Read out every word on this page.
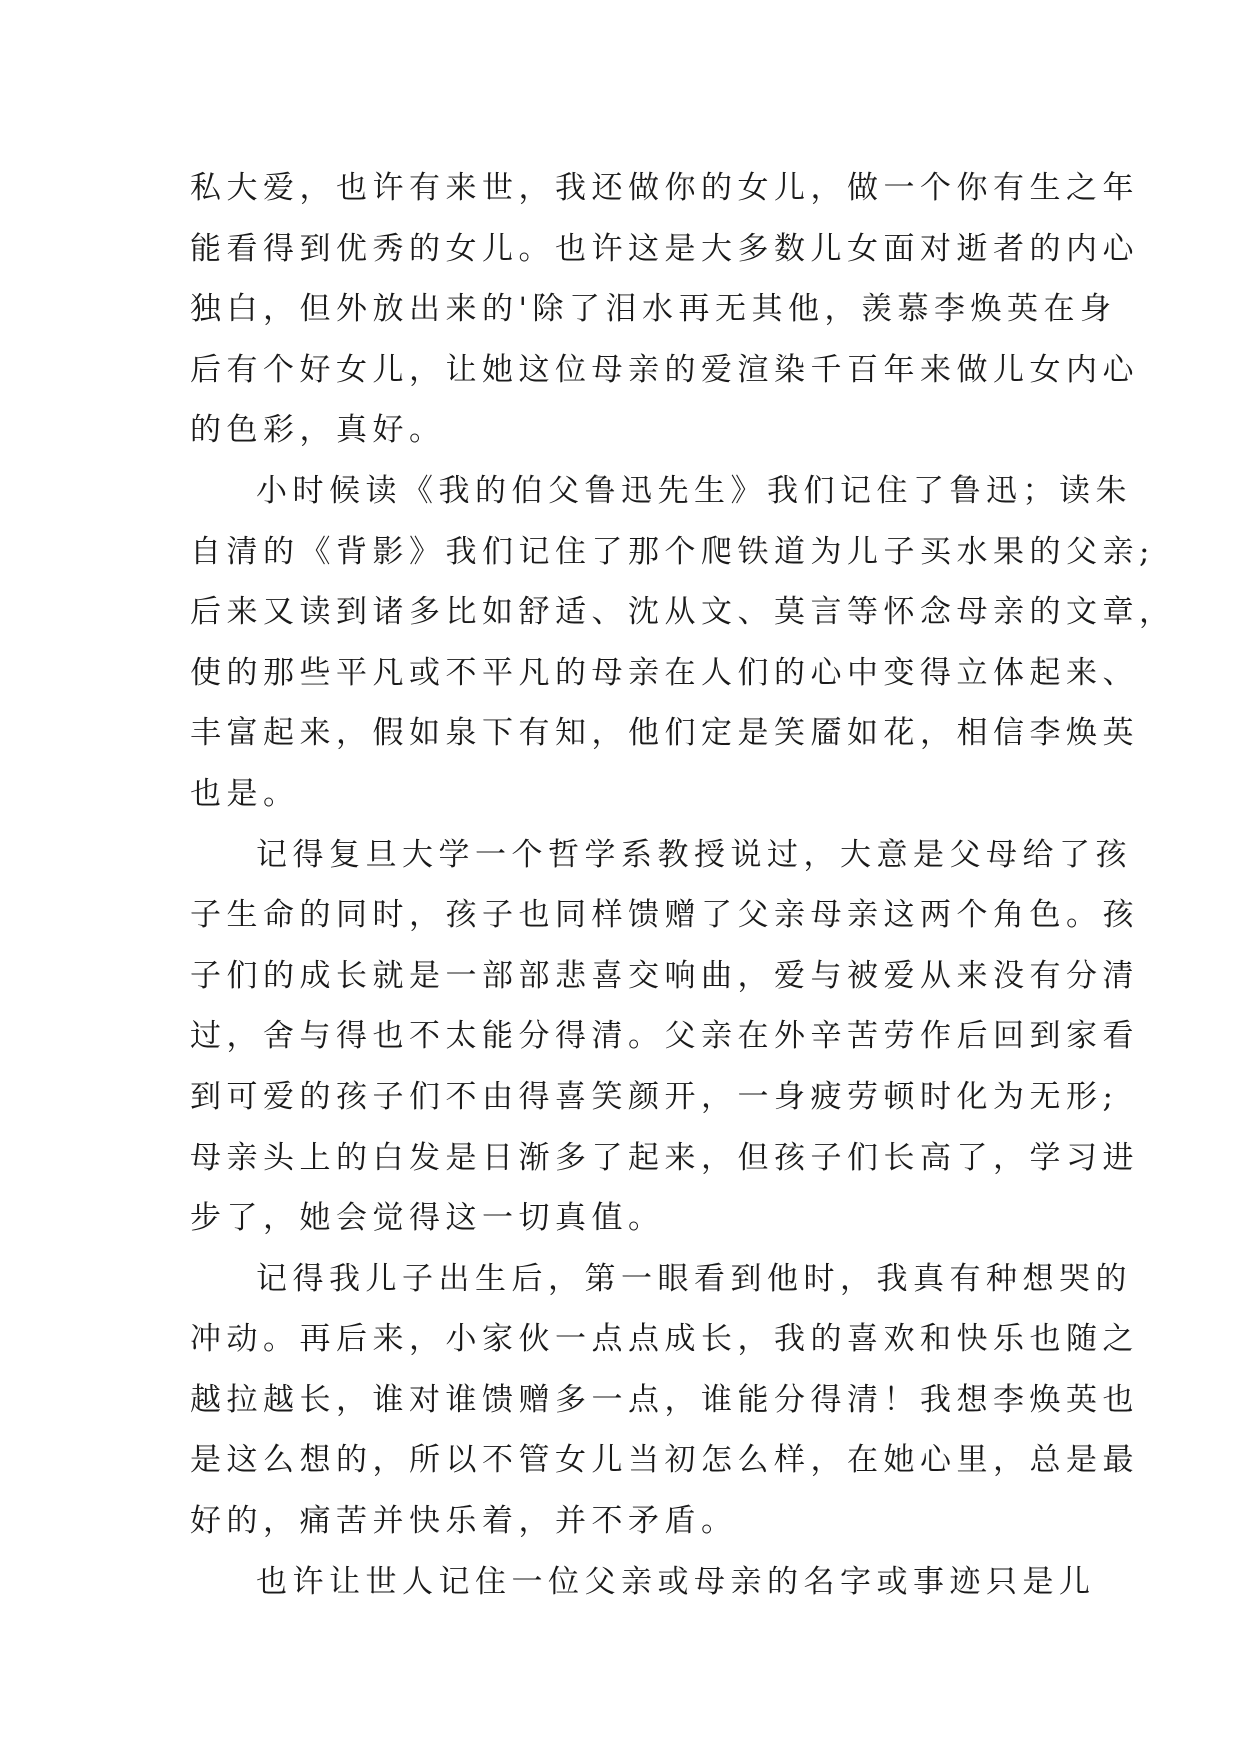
私大爱，也许有来世，我还做你的女儿，做一个你有生之年
能看得到优秀的女儿。也许这是大多数儿女面对逝者的内心
独白，但外放出来的'除了泪水再无其他，羡慕李焕英在身
后有个好女儿，让她这位母亲的爱渲染千百年来做儿女内心
的色彩，真好。
小时候读《我的伯父鲁迅先生》我们记住了鲁迅；读朱
自清的《背影》我们记住了那个爬铁道为儿子买水果的父亲;
后来又读到诸多比如舒适、沈从文、莫言等怀念母亲的文章，
使的那些平凡或不平凡的母亲在人们的心中变得立体起来、
丰富起来，假如泉下有知，他们定是笑靥如花，相信李焕英
也是。
记得复旦大学一个哲学系教授说过，大意是父母给了孩
子生命的同时，孩子也同样馈赠了父亲母亲这两个角色。孩
子们的成长就是一部部悲喜交响曲，爱与被爱从来没有分清
过，舍与得也不太能分得清。父亲在外辛苦劳作后回到家看
到可爱的孩子们不由得喜笑颜开，一身疲劳顿时化为无形;
母亲头上的白发是日渐多了起来，但孩子们长高了，学习进
步了，她会觉得这一切真值。
记得我儿子出生后，第一眼看到他时，我真有种想哭的
冲动。再后来，小家伙一点点成长，我的喜欢和快乐也随之
越拉越长，谁对谁馈赠多一点，谁能分得清！我想李焕英也
是这么想的，所以不管女儿当初怎么样，在她心里，总是最
好的，痛苦并快乐着，并不矛盾。
也许让世人记住一位父亲或母亲的名字或事迹只是儿
